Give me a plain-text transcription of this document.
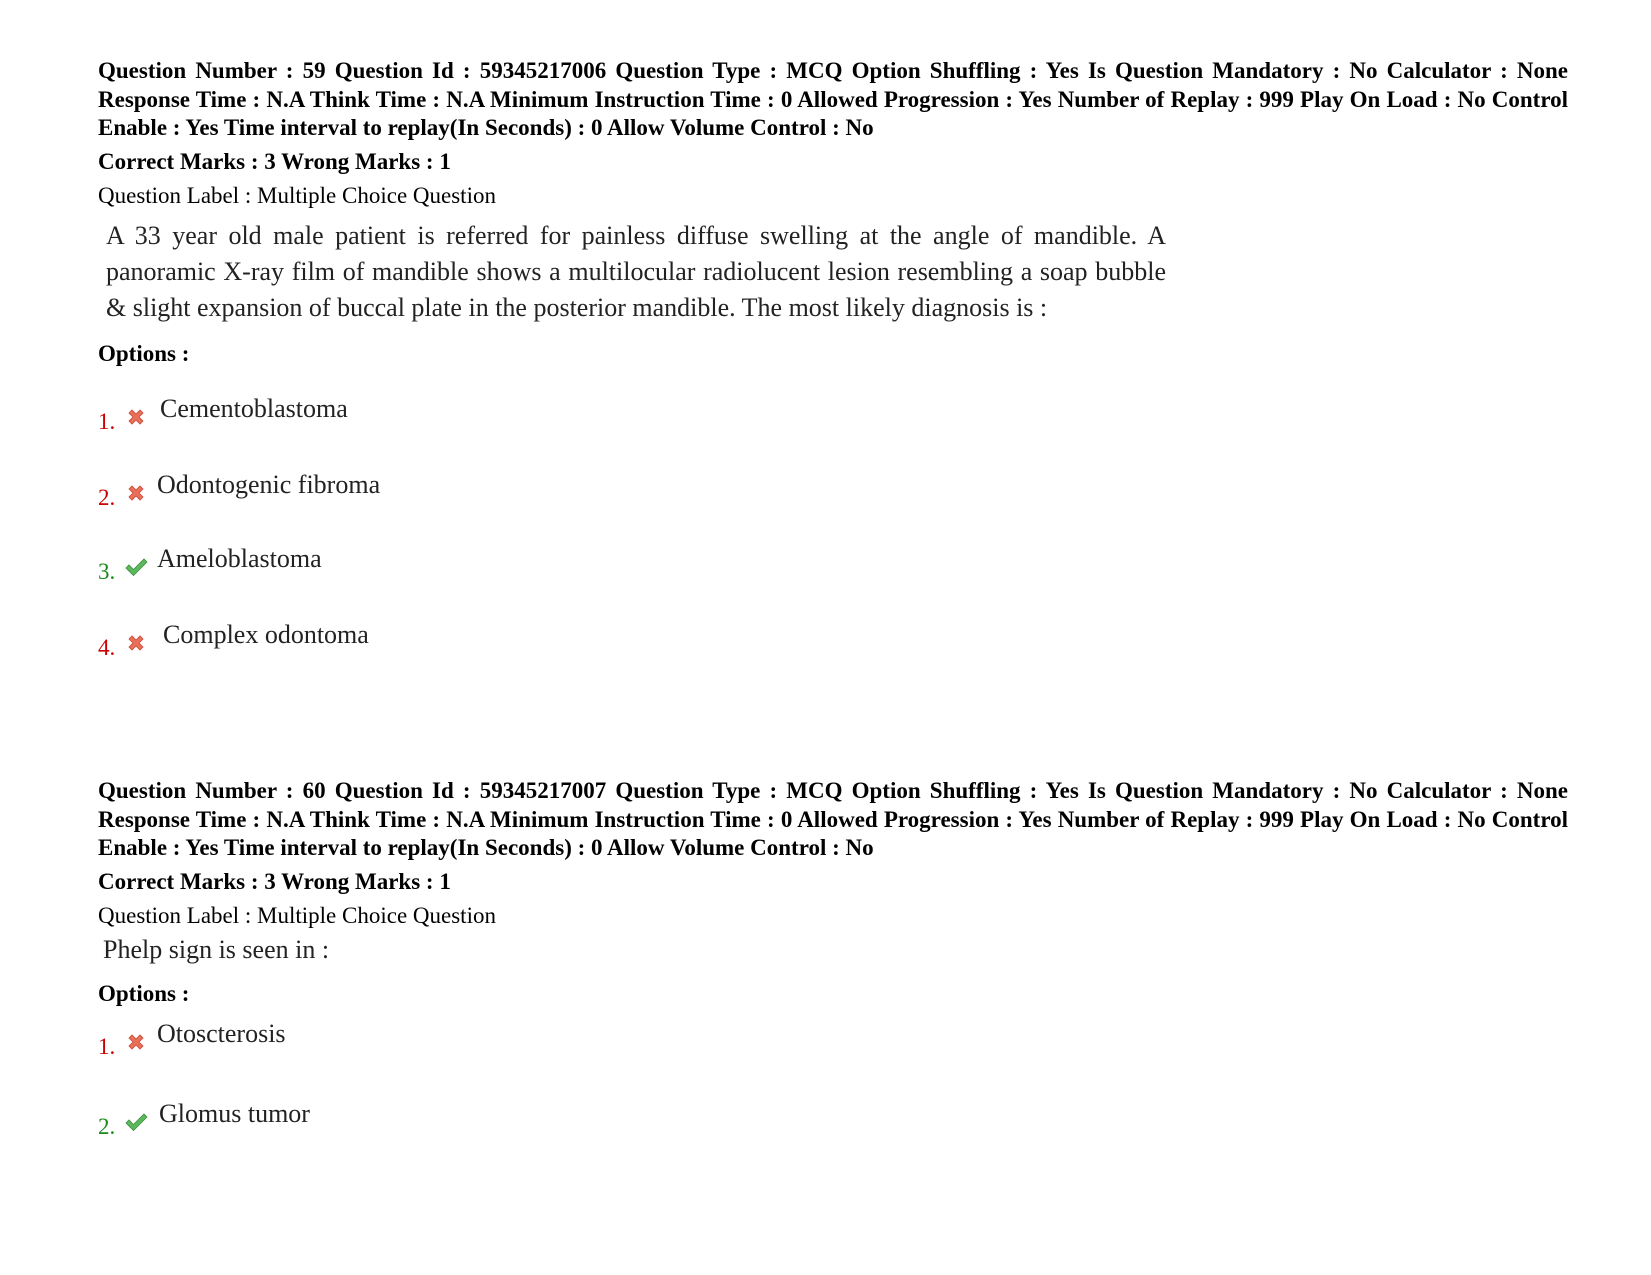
Question Number : 59 Question Id : 59345217006 Question Type : MCQ Option Shuffling : Yes Is Question Mandatory : No Calculator : None Response Time : N.A Think Time : N.A Minimum Instruction Time : 0 Allowed Progression : Yes Number of Replay : 999 Play On Load : No Control Enable : Yes Time interval to replay(In Seconds) : 0 Allow Volume Control : No
Correct Marks : 3 Wrong Marks : 1
Question Label : Multiple Choice Question
A 33 year old male patient is referred for painless diffuse swelling at the angle of mandible. A panoramic X-ray film of mandible shows a multilocular radiolucent lesion resembling a soap bubble & slight expansion of buccal plate in the posterior mandible. The most likely diagnosis is :
Options :
1. Cementoblastoma
2. Odontogenic fibroma
3. Ameloblastoma
4. Complex odontoma
Question Number : 60 Question Id : 59345217007 Question Type : MCQ Option Shuffling : Yes Is Question Mandatory : No Calculator : None Response Time : N.A Think Time : N.A Minimum Instruction Time : 0 Allowed Progression : Yes Number of Replay : 999 Play On Load : No Control Enable : Yes Time interval to replay(In Seconds) : 0 Allow Volume Control : No
Correct Marks : 3 Wrong Marks : 1
Question Label : Multiple Choice Question
Phelp sign is seen in :
Options :
1. Otoscterosis
2. Glomus tumor
